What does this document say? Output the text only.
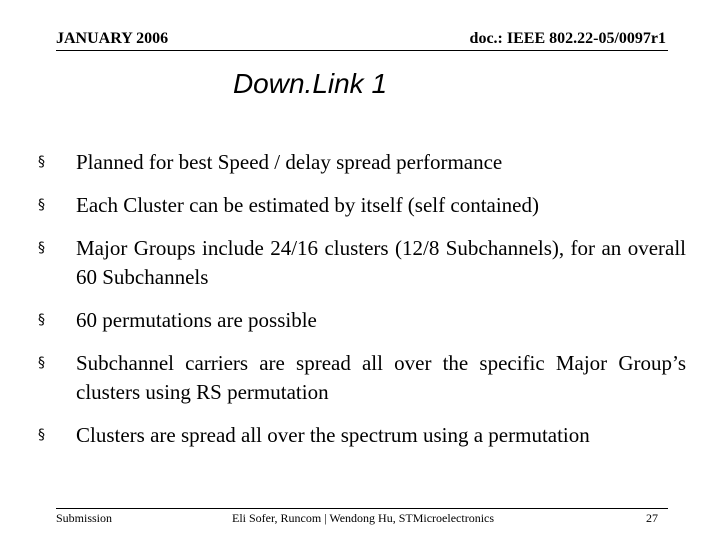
JANUARY 2006	doc.: IEEE 802.22-05/0097r1
Down.Link 1
§ Planned for best Speed / delay spread performance
§ Each Cluster can be estimated by itself (self contained)
§ Major Groups include 24/16 clusters (12/8 Subchannels), for an overall 60 Subchannels
§ 60 permutations are possible
§ Subchannel carriers are spread all over the specific Major Group’s clusters using RS permutation
§ Clusters are spread all over the spectrum using a permutation
Submission	Eli Sofer, Runcom | Wendong Hu, STMicroelectronics	27
